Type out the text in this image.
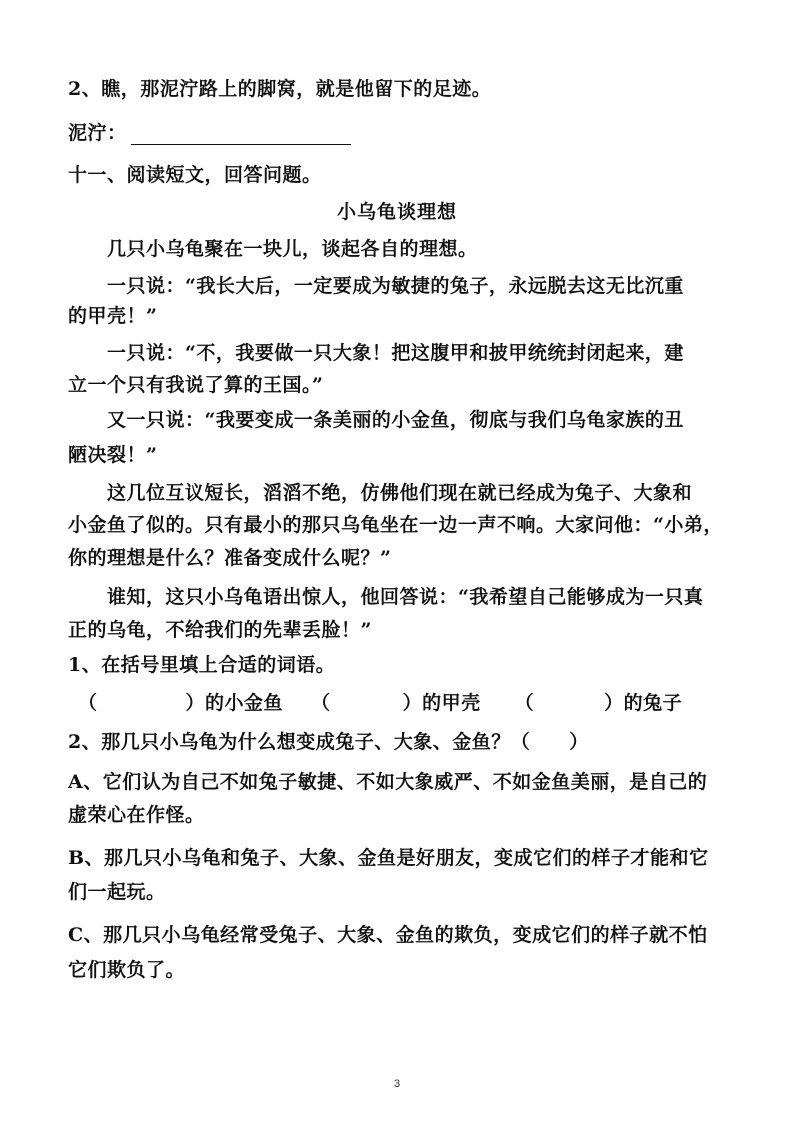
2、瞧，那泥泞路上的脚窝，就是他留下的足迹。
泥泞：
十一、阅读短文，回答问题。
小乌龟谈理想
几只小乌龟聚在一块儿，谈起各自的理想。
一只说：“我长大后，一定要成为敏捷的兔子，永远脱去这无比沉重
的甲壳！”
一只说：“不，我要做一只大象！把这腹甲和披甲统统封闭起来，建
立一个只有我说了算的王国。”
又一只说：“我要变成一条美丽的小金鱼，彻底与我们乌龟家族的丑
陋决裂！”
这几位互议短长，滔滔不绝，仿佛他们现在就已经成为兔子、大象和
小金鱼了似的。只有最小的那只乌龟坐在一边一声不响。大家问他：“小弟，
你的理想是什么？准备变成什么呢？”
谁知，这只小乌龟语出惊人，他回答说：“我希望自己能够成为一只真
正的乌龟，不给我们的先辈丢脸！”
1、在括号里填上合适的词语。
（	）的小金鱼 （	）的甲壳 （	）的兔子
2、那几只小乌龟为什么想变成兔子、大象、金鱼？（　　）
A、它们认为自己不如兔子敏捷、不如大象威严、不如金鱼美丽，是自己的
虚荣心在作怪。
B、那几只小乌龟和兔子、大象、金鱼是好朋友，变成它们的样子才能和它
们一起玩。
C、那几只小乌龟经常受兔子、大象、金鱼的欺负，变成它们的样子就不怕
它们欺负了。
3
